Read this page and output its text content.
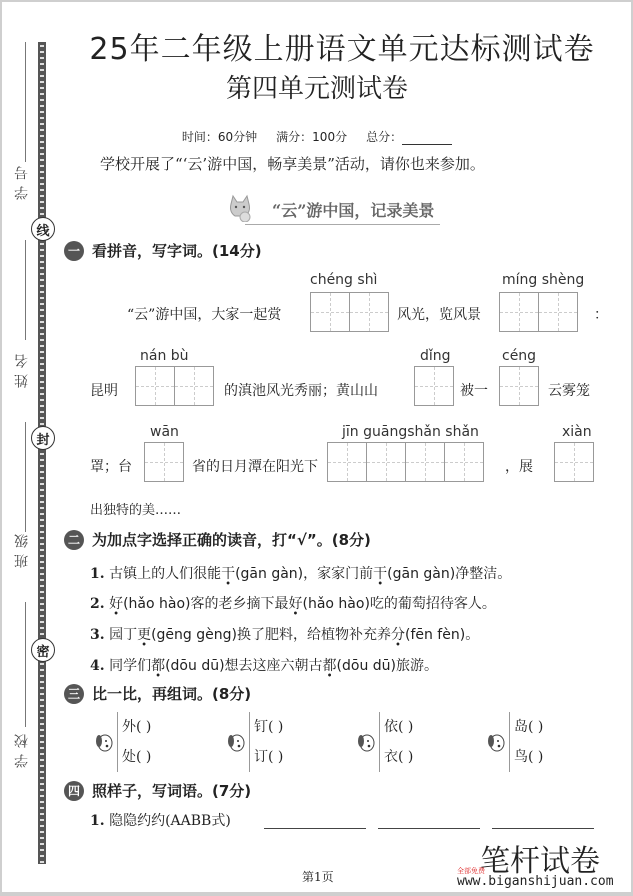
学号
姓名
班级
学校
线
封
密
25年二年级上册语文单元达标测试卷
第四单元测试卷
时间：60分钟 满分：100分 总分：
学校开展了“‘云’游中国，畅享美景”活动，请你也来参加。
“云”游中国，记录美景
一 看拼音，写字词。(14分)
chéng shì
“云”游中国，大家一起赏	风光，览风景
míng shèng
：
昆明
nán bù
的滇池风光秀丽；黄山山
dǐng
被一
céng
云雾笼
罩；台
wān
省的日月潭在阳光下
jīn guāngshǎn shǎn
，展
xiàn
出独特的美……
二 为加点字选择正确的读音，打“√”。(8分)
1. 古镇上的人们很能干(gān gàn)，家家门前干(gān gàn)净整洁。
2. 好(hǎo hào)客的老乡摘下最好(hǎo hào)吃的葡萄招待客人。
3. 园丁更(gēng gèng)换了肥料，给植物补充养分(fēn fèn)。
4. 同学们都(dōu dū)想去这座六朝古都(dōu dū)旅游。
三 比一比，再组词。(8分)
外( )
处( )
钉( )
订( )
依( )
衣( )
岛( )
鸟( )
四 照样子，写词语。(7分)
1. 隐隐约约(AABB式)
第1页	全部免费
笔杆试卷
www.biganshijuan.com
